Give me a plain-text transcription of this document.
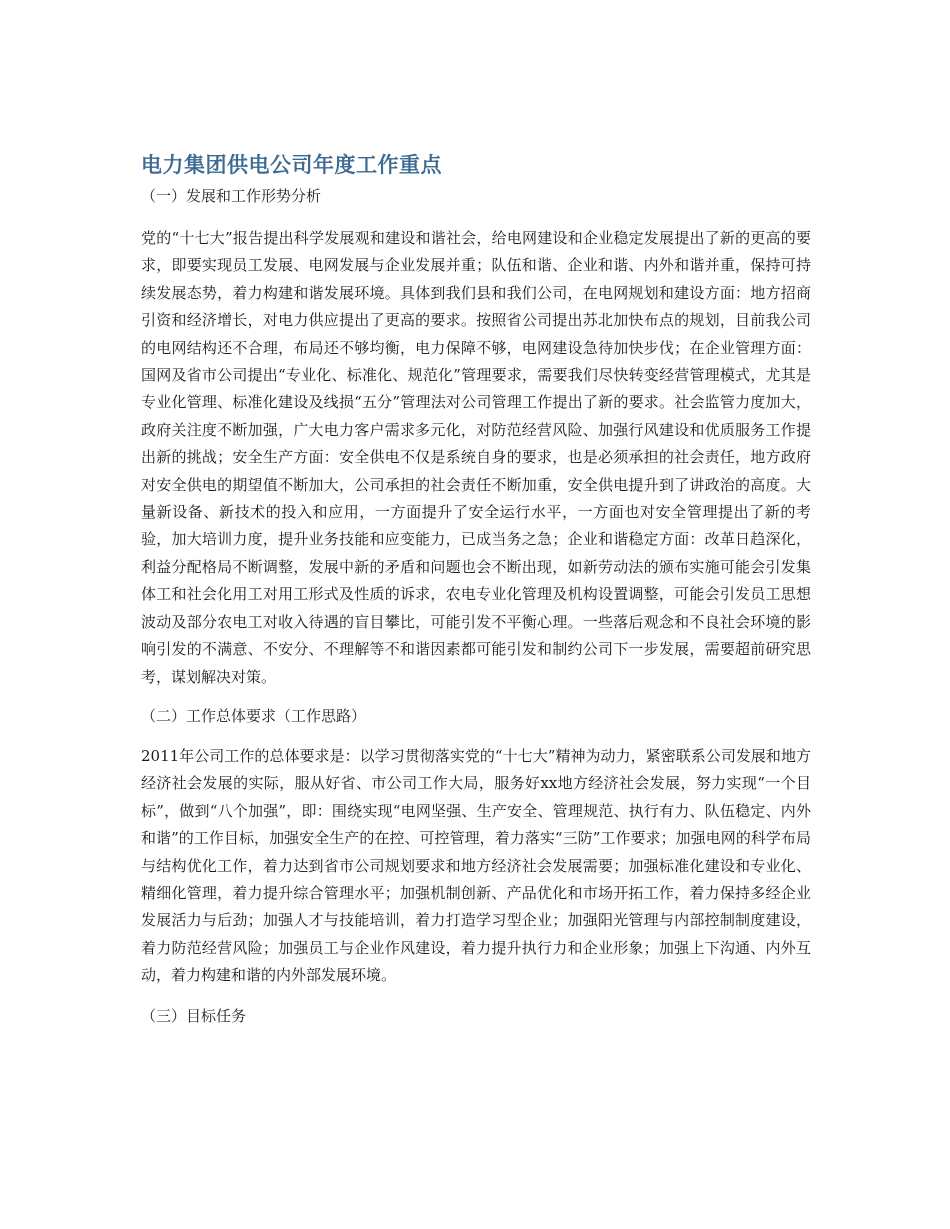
电力集团供电公司年度工作重点

（一）发展和工作形势分析

党的“十七大”报告提出科学发展观和建设和谐社会，给电网建设和企业稳定发展提出了新的更高的要求，即要实现员工发展、电网发展与企业发展并重；队伍和谐、企业和谐、内外和谐并重，保持可持续发展态势，着力构建和谐发展环境。具体到我们县和我们公司，在电网规划和建设方面：地方招商引资和经济增长，对电力供应提出了更高的要求。按照省公司提出苏北加快布点的规划，目前我公司的电网结构还不合理，布局还不够均衡，电力保障不够，电网建设急待加快步伐；在企业管理方面：国网及省市公司提出“专业化、标准化、规范化”管理要求，需要我们尽快转变经营管理模式，尤其是专业化管理、标准化建设及线损“五分”管理法对公司管理工作提出了新的要求。社会监管力度加大，政府关注度不断加强，广大电力客户需求多元化，对防范经营风险、加强行风建设和优质服务工作提出新的挑战；安全生产方面：安全供电不仅是系统自身的要求，也是必须承担的社会责任，地方政府对安全供电的期望值不断加大，公司承担的社会责任不断加重，安全供电提升到了讲政治的高度。大量新设备、新技术的投入和应用，一方面提升了安全运行水平，一方面也对安全管理提出了新的考验，加大培训力度，提升业务技能和应变能力，已成当务之急；企业和谐稳定方面：改革日趋深化，利益分配格局不断调整，发展中新的矛盾和问题也会不断出现，如新劳动法的颁布实施可能会引发集体工和社会化用工对用工形式及性质的诉求，农电专业化管理及机构设置调整，可能会引发员工思想波动及部分农电工对收入待遇的盲目攀比，可能引发不平衡心理。一些落后观念和不良社会环境的影响引发的不满意、不安分、不理解等不和谐因素都可能引发和制约公司下一步发展，需要超前研究思考，谋划解决对策。

（二）工作总体要求（工作思路）

2011年公司工作的总体要求是：以学习贯彻落实党的“十七大”精神为动力，紧密联系公司发展和地方经济社会发展的实际，服从好省、市公司工作大局，服务好xx地方经济社会发展，努力实现“一个目标”，做到“八个加强”，即：围绕实现“电网坚强、生产安全、管理规范、执行有力、队伍稳定、内外和谐”的工作目标，加强安全生产的在控、可控管理，着力落实“三防”工作要求；加强电网的科学布局与结构优化工作，着力达到省市公司规划要求和地方经济社会发展需要；加强标准化建设和专业化、精细化管理，着力提升综合管理水平；加强机制创新、产品优化和市场开拓工作，着力保持多经企业发展活力与后劲；加强人才与技能培训，着力打造学习型企业；加强阳光管理与内部控制制度建设，着力防范经营风险；加强员工与企业作风建设，着力提升执行力和企业形象；加强上下沟通、内外互动，着力构建和谐的内外部发展环境。

（三）目标任务
